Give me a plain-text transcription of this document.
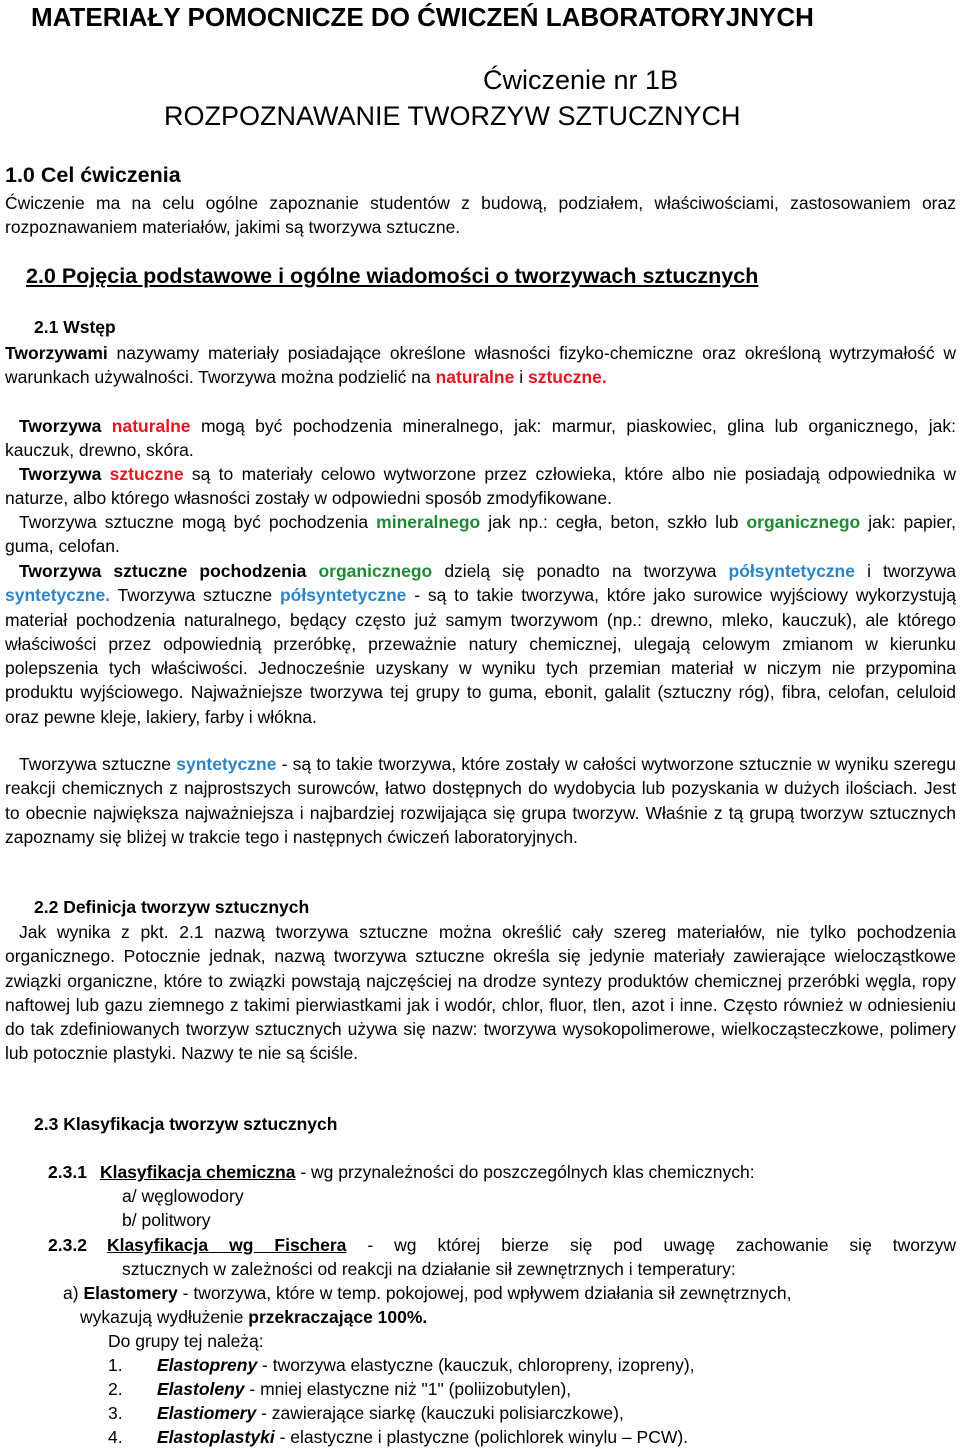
MATERIAŁY POMOCNICZE DO ĆWICZEŃ LABORATORYJNYCH
Ćwiczenie nr 1B
ROZPOZNAWANIE TWORZYW SZTUCZNYCH
1.0 Cel ćwiczenia

Ćwiczenie ma na celu ogólne zapoznanie studentów z budową, podziałem, właściwościami, zastosowaniem oraz rozpoznawaniem materiałów, jakimi są tworzywa sztuczne.

2.0 Pojęcia podstawowe i ogólne wiadomości o tworzywach sztucznych
2.1 Wstęp

Tworzywami nazywamy materiały posiadające określone własności fizyko-chemiczne oraz określoną wytrzymałość w warunkach używalności. Tworzywa można podzielić na naturalne i sztuczne.

Tworzywa naturalne mogą być pochodzenia mineralnego, jak: marmur, piaskowiec, glina lub organicznego, jak: kauczuk, drewno, skóra.

Tworzywa sztuczne są to materiały celowo wytworzone przez człowieka, które albo nie posiadają odpowiednika w naturze, albo którego własności zostały w odpowiedni sposób zmodyfikowane.

Tworzywa sztuczne mogą być pochodzenia mineralnego jak np.: cegła, beton, szkło lub organicznego jak: papier, guma, celofan.

Tworzywa sztuczne pochodzenia organicznego dzielą się ponadto na tworzywa półsyntetyczne i tworzywa syntetyczne. Tworzywa sztuczne półsyntetyczne - są to takie tworzywa, które jako surowice wyjściowy wykorzystują materiał pochodzenia naturalnego, będący często już samym tworzywom (np.: drewno, mleko, kauczuk), ale którego właściwości przez odpowiednią przeróbkę, przeważnie natury chemicznej, ulegają celowym zmianom w kierunku polepszenia tych właściwości. Jednocześnie uzyskany w wyniku tych przemian materiał w niczym nie przypomina produktu wyjściowego. Najważniejsze tworzywa tej grupy to guma, ebonit, galalit (sztuczny róg), fibra, celofan, celuloid oraz pewne kleje, lakiery, farby i włókna.

Tworzywa sztuczne syntetyczne - są to takie tworzywa, które zostały w całości wytworzone sztucznie w wyniku szeregu reakcji chemicznych z najprostszych surowców, łatwo dostępnych do wydobycia lub pozyskania w dużych ilościach. Jest to obecnie największa najważniejsza i najbardziej rozwijająca się grupa tworzyw. Właśnie z tą grupą tworzyw sztucznych zapoznamy się bliżej w trakcie tego i następnych ćwiczeń laboratoryjnych.

2.2 Definicja tworzyw sztucznych

Jak wynika z pkt. 2.1 nazwą tworzywa sztuczne można określić cały szereg materiałów, nie tylko pochodzenia organicznego. Potocznie jednak, nazwą tworzywa sztuczne określa się jedynie materiały zawierające wielocząstkowe związki organiczne, które to związki powstają najczęściej na drodze syntezy produktów chemicznej przeróbki węgla, ropy naftowej lub gazu ziemnego z takimi pierwiastkami jak i wodór, chlor, fluor, tlen, azot i inne. Często również w odniesieniu do tak zdefiniowanych tworzyw sztucznych używa się nazw: tworzywa wysokopolimerowe, wielkocząsteczkowe, polimery lub potocznie plastyki. Nazwy te nie są ściśle.

2.3 Klasyfikacja tworzyw sztucznych
2.3.1 Klasyfikacja chemiczna - wg przynależności do poszczególnych klas chemicznych:
a/ węglowodory
b/ politwory
2.3.2 Klasyfikacja wg Fischera - wg której bierze się pod uwagę zachowanie się tworzyw
sztucznych w zależności od reakcji na działanie sił zewnętrznych i temperatury:
a) Elastomery - tworzywa, które w temp. pokojowej, pod wpływem działania sił zewnętrznych,
wykazują wydłużenie przekraczające 100%.
Do grupy tej należą:
1. Elastopreny - tworzywa elastyczne (kauczuk, chloropreny, izopreny),
2. Elastoleny - mniej elastyczne niż "1" (poliizobutylen),
3. Elastiomery - zawierające siarkę (kauczuki polisiarczkowe),
4. Elastoplastyki - elastyczne i plastyczne (polichlorek winylu – PCW).
